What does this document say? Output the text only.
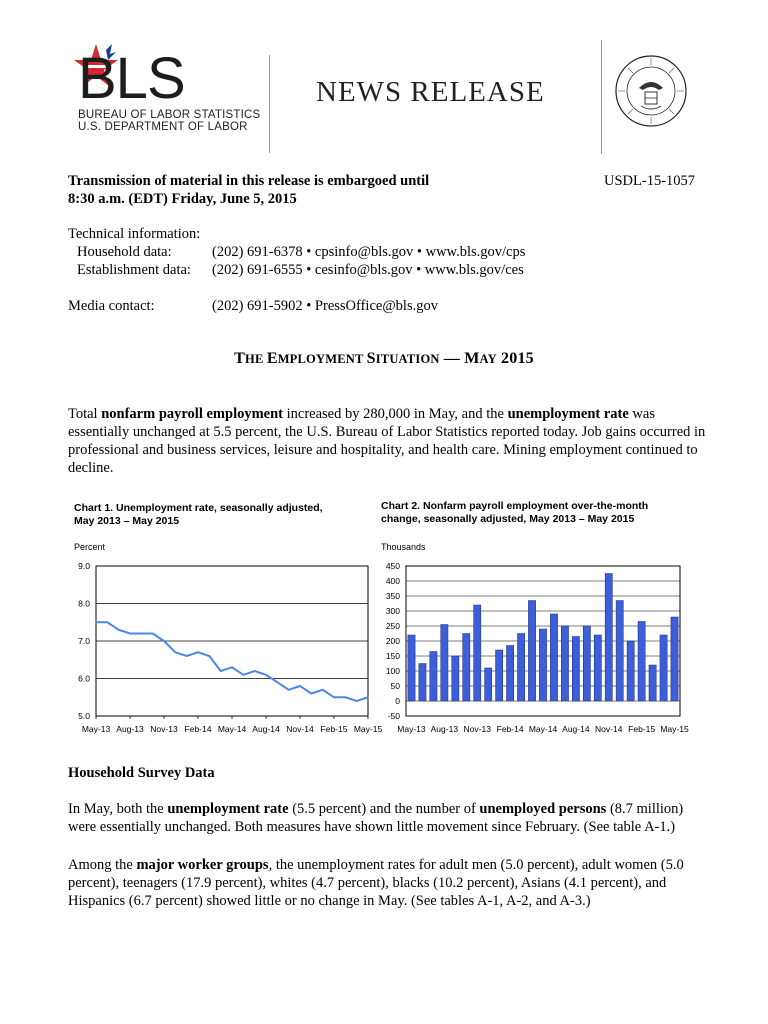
BLS
BUREAU OF LABOR STATISTICS
U.S. DEPARTMENT OF LABOR
NEWS RELEASE
Transmission of material in this release is embargoed until
8:30 a.m. (EDT) Friday, June 5, 2015
USDL-15-1057
Technical information:
Household data:	(202) 691-6378 • cpsinfo@bls.gov • www.bls.gov/cps
Establishment data: (202) 691-6555 • cesinfo@bls.gov • www.bls.gov/ces
Media contact:	(202) 691-5902 • PressOffice@bls.gov
THE EMPLOYMENT SITUATION — MAY 2015
Total nonfarm payroll employment increased by 280,000 in May, and the unemployment rate was essentially unchanged at 5.5 percent, the U.S. Bureau of Labor Statistics reported today. Job gains occurred in professional and business services, leisure and hospitality, and health care. Mining employment continued to decline.
Chart 1. Unemployment rate, seasonally adjusted,
May 2013 – May 2015
Percent
9.0
8.0
7.0
6.0
5.0
May-13 Aug-13 Nov-13 Feb-14 May-14 Aug-14 Nov-14 Feb-15 May-15
Chart 2. Nonfarm payroll employment over-the-month
change, seasonally adjusted, May 2013 – May 2015
Thousands
450
400
350
300
250
200
150
100
50
0
-50
May-13 Aug-13 Nov-13 Feb-14 May-14 Aug-14 Nov-14 Feb-15 May-15
Household Survey Data
In May, both the unemployment rate (5.5 percent) and the number of unemployed persons (8.7 million) were essentially unchanged. Both measures have shown little movement since February. (See table A-1.)
Among the major worker groups, the unemployment rates for adult men (5.0 percent), adult women (5.0 percent), teenagers (17.9 percent), whites (4.7 percent), blacks (10.2 percent), Asians (4.1 percent), and Hispanics (6.7 percent) showed little or no change in May. (See tables A-1, A-2, and A-3.)
